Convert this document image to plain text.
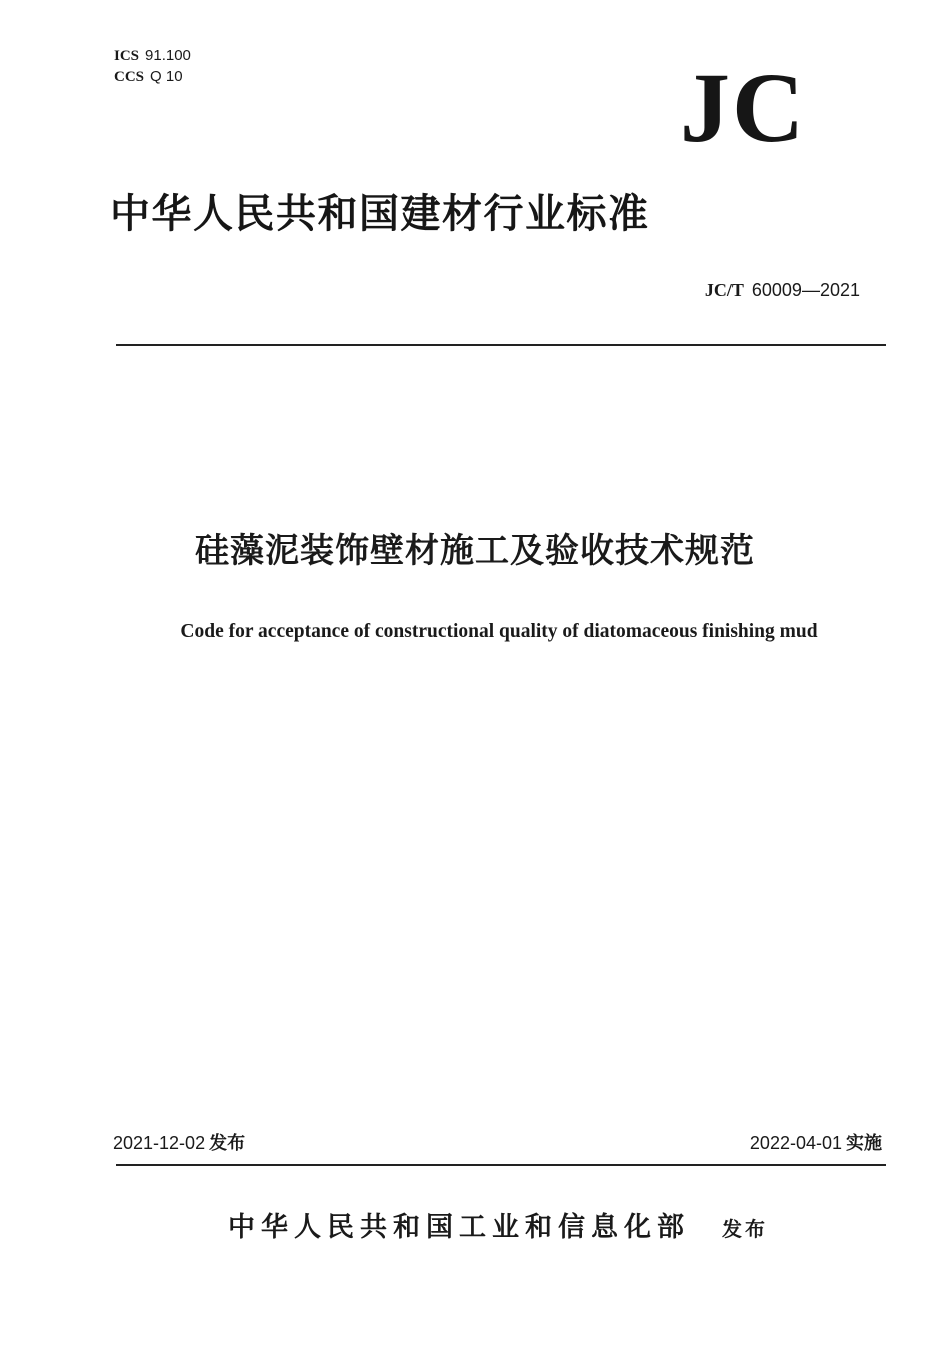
ICS 91.100
CCS Q 10	JC
中华人民共和国建材行业标准
JC/T 60009—2021
硅藻泥装饰壁材施工及验收技术规范
Code for acceptance of constructional quality of diatomaceous finishing mud
2021-12-02 发布	2022-04-01 实施
中华人民共和国工业和信息化部 发布
